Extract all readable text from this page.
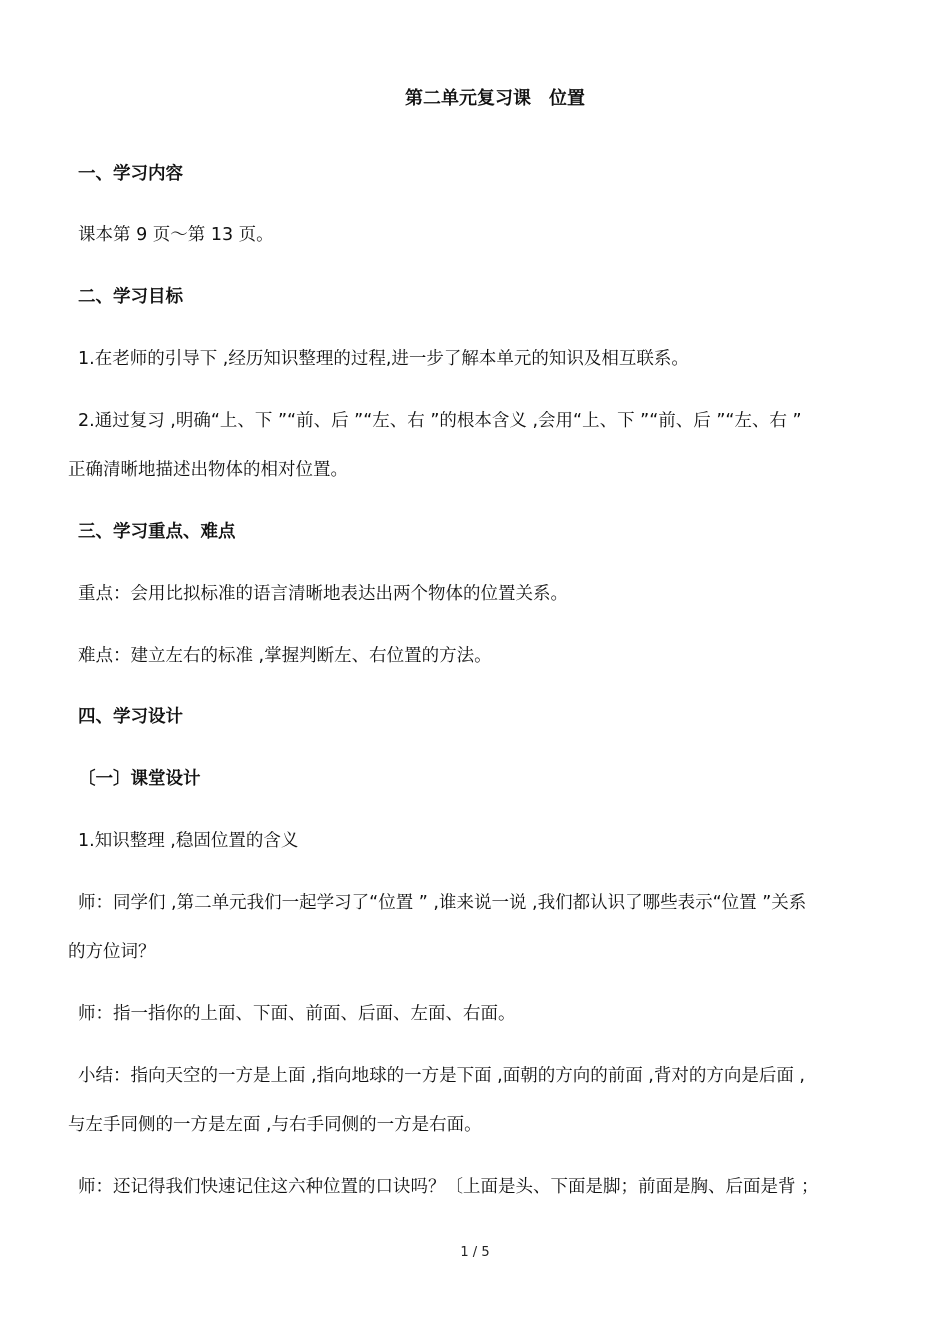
第二单元复习课　位置
一、学习内容
课本第 9 页～第 13 页。
二、学习目标
1.在老师的引导下 ,经历知识整理的过程,进一步了解本单元的知识及相互联系。
2.通过复习 ,明确“上、下 ”“前、后 ”“左、右 ”的根本含义 ,会用“上、下 ”“前、后 ”“左、右 ”
正确清晰地描述出物体的相对位置。
三、学习重点、难点
重点：会用比拟标准的语言清晰地表达出两个物体的位置关系。
难点：建立左右的标准 ,掌握判断左、右位置的方法。
四、学习设计
〔一〕课堂设计
1.知识整理 ,稳固位置的含义
师：同学们 ,第二单元我们一起学习了“位置 ” ,谁来说一说 ,我们都认识了哪些表示“位置 ”关系
的方位词？
师：指一指你的上面、下面、前面、后面、左面、右面。
小结：指向天空的一方是上面 ,指向地球的一方是下面 ,面朝的方向的前面 ,背对的方向是后面 ,
与左手同侧的一方是左面 ,与右手同侧的一方是右面。
师：还记得我们快速记住这六种位置的口诀吗？〔上面是头、下面是脚；前面是胸、后面是背 ；
1 / 5
